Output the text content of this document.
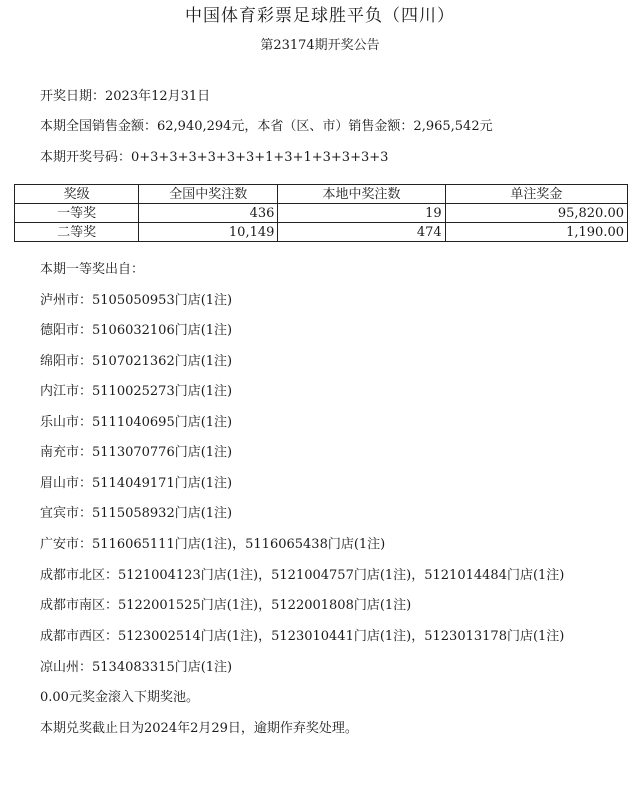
中国体育彩票足球胜平负（四川）
第23174期开奖公告
开奖日期：2023年12月31日
本期全国销售金额：62,940,294元，本省（区、市）销售金额：2,965,542元
本期开奖号码：0+3+3+3+3+3+3+1+3+1+3+3+3+3
奖级	全国中奖注数	本地中奖注数	单注奖金
一等奖	436	19	95,820.00
二等奖	10,149	474	1,190.00
本期一等奖出自：
泸州市：5105050953门店(1注)
德阳市：5106032106门店(1注)
绵阳市：5107021362门店(1注)
内江市：5110025273门店(1注)
乐山市：5111040695门店(1注)
南充市：5113070776门店(1注)
眉山市：5114049171门店(1注)
宜宾市：5115058932门店(1注)
广安市：5116065111门店(1注)，5116065438门店(1注)
成都市北区：5121004123门店(1注)，5121004757门店(1注)，5121014484门店(1注)
成都市南区：5122001525门店(1注)，5122001808门店(1注)
成都市西区：5123002514门店(1注)，5123010441门店(1注)，5123013178门店(1注)
凉山州：5134083315门店(1注)
0.00元奖金滚入下期奖池。
本期兑奖截止日为2024年2月29日，逾期作弃奖处理。
